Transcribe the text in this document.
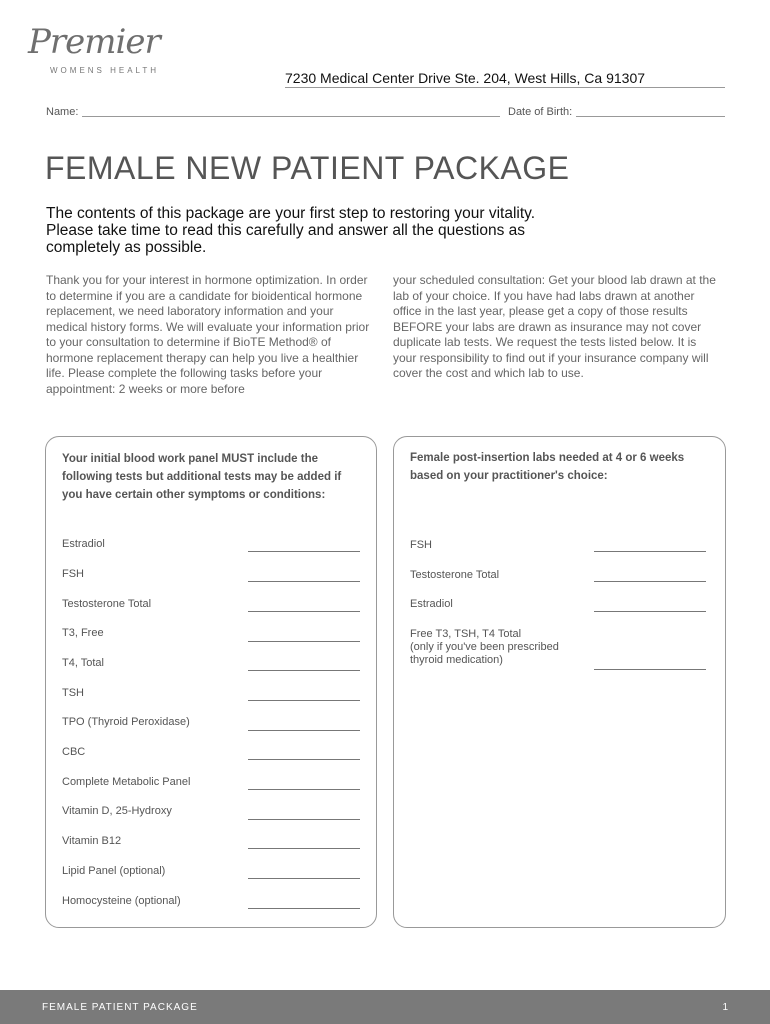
Premier
WOMENS HEALTH	7230 Medical Center Drive Ste. 204, West Hills, Ca 91307
Name:	Date of Birth:
FEMALE NEW PATIENT PACKAGE

The contents of this package are your first step to restoring your vitality. Please take time to read this carefully and answer all the questions as completely as possible.

Thank you for your interest in hormone optimization. In order to determine if you are a candidate for bioidentical hormone replacement, we need laboratory information and your medical history forms. We will evaluate your information prior to your consultation to determine if BioTE Method® of hormone replacement therapy can help you live a healthier life. Please complete the following tasks before your appointment: 2 weeks or more before

your scheduled consultation: Get your blood lab drawn at the lab of your choice. If you have had labs drawn at another office in the last year, please get a copy of those results BEFORE your labs are drawn as insurance may not cover duplicate lab tests. We request the tests listed below. It is your responsibility to find out if your insurance company will cover the cost and which lab to use.

Your initial blood work panel MUST include the following tests but additional tests may be added if you have certain other symptoms or conditions:

Estradiol
FSH
Testosterone Total
T3, Free
T4, Total
TSH
TPO (Thyroid Peroxidase)
CBC
Complete Metabolic Panel
Vitamin D, 25-Hydroxy
Vitamin B12
Lipid Panel (optional)
Homocysteine (optional)

Female post-insertion labs needed at 4 or 6 weeks based on your practitioner's choice:

FSH
Testosterone Total
Estradiol
Free T3, TSH, T4 Total
(only if you've been prescribed
thyroid medication)
FEMALE PATIENT PACKAGE	1
